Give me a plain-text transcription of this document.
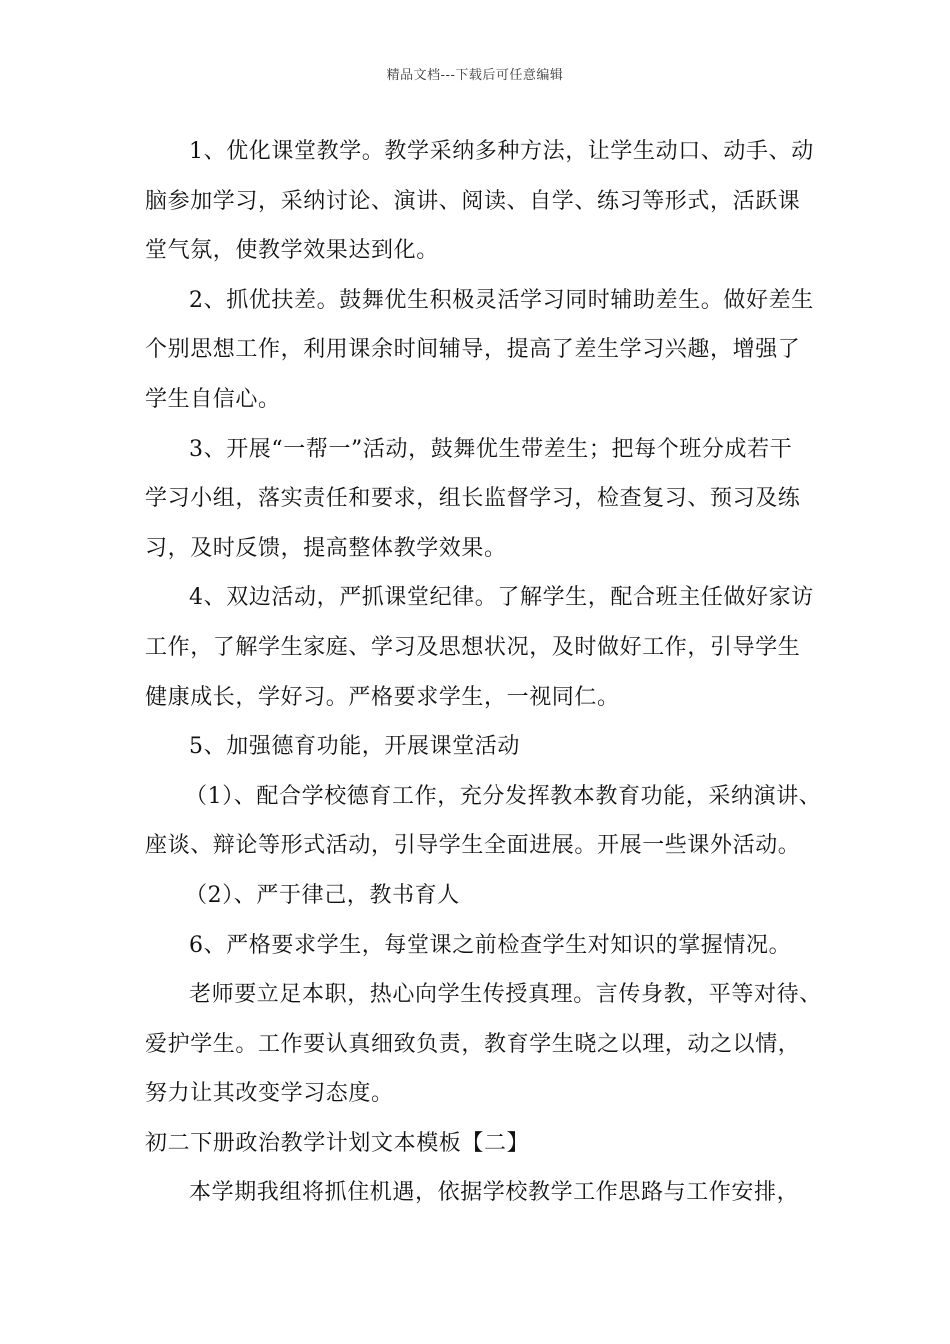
精品文档---下载后可任意编辑
1、优化课堂教学。教学采纳多种方法，让学生动口、动手、动
脑参加学习，采纳讨论、演讲、阅读、自学、练习等形式，活跃课
堂气氛，使教学效果达到化。
2、抓优扶差。鼓舞优生积极灵活学习同时辅助差生。做好差生
个别思想工作，利用课余时间辅导，提高了差生学习兴趣，增强了
学生自信心。
3、开展“一帮一”活动，鼓舞优生带差生；把每个班分成若干
学习小组，落实责任和要求，组长监督学习，检查复习、预习及练
习，及时反馈，提高整体教学效果。
4、双边活动，严抓课堂纪律。了解学生，配合班主任做好家访
工作，了解学生家庭、学习及思想状况，及时做好工作，引导学生
健康成长，学好习。严格要求学生，一视同仁。
5、加强德育功能，开展课堂活动
（1）、配合学校德育工作，充分发挥教本教育功能，采纳演讲、
座谈、辩论等形式活动，引导学生全面进展。开展一些课外活动。
（2）、严于律己，教书育人
6、严格要求学生，每堂课之前检查学生对知识的掌握情况。
老师要立足本职，热心向学生传授真理。言传身教，平等对待、
爱护学生。工作要认真细致负责，教育学生晓之以理，动之以情，
努力让其改变学习态度。
初二下册政治教学计划文本模板【二】
本学期我组将抓住机遇，依据学校教学工作思路与工作安排，
